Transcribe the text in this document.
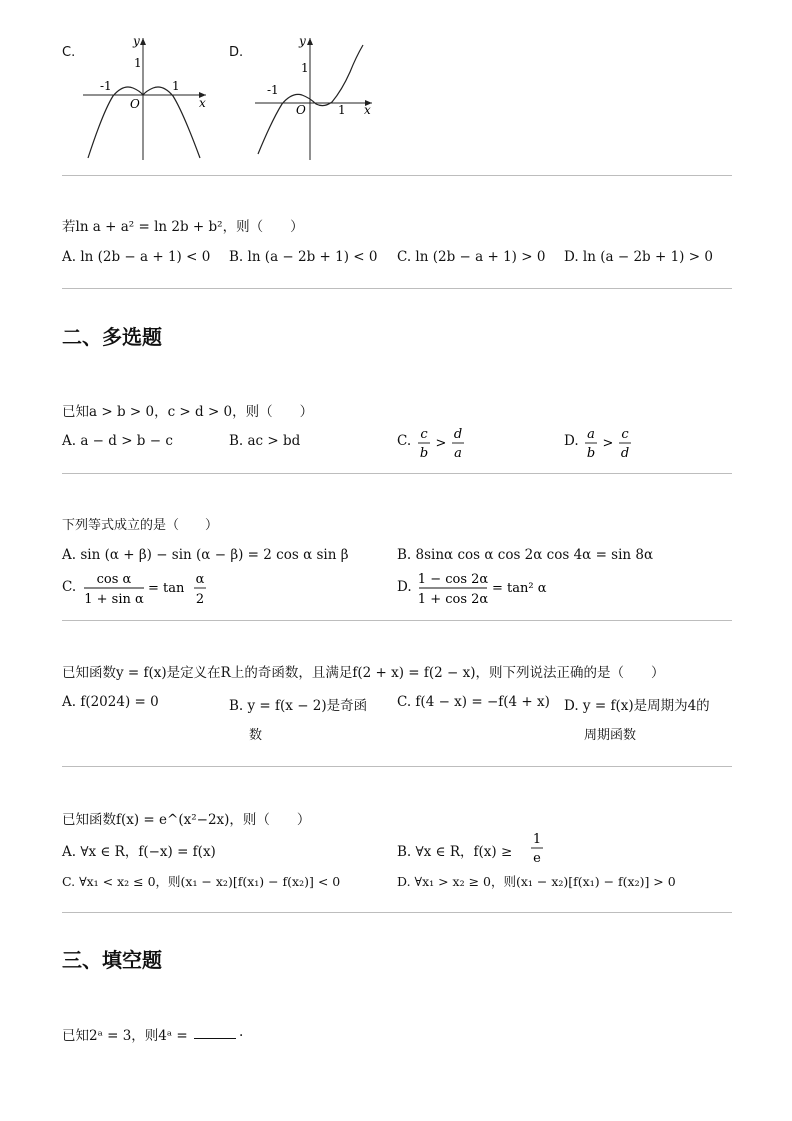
C.	D.
y
x
O
1
-1	1
y
x
O
1
-1
1
若ln a + a² = ln 2b + b²，则（　　）
A. ln (2b − a + 1) < 0 B. ln (a − 2b + 1) < 0 C. ln (2b − a + 1) > 0 D. ln (a − 2b + 1) > 0
二、多选题
已知a > b > 0，c > d > 0，则（　　）
A. a − d > b − c	B. ac > bd	C. c
b
>
d
a
D. a
b
>
c
d
下列等式成立的是（　　）
A. sin (α + β) − sin (α − β) = 2 cos α sin β	B. 8sinα cos α cos 2α cos 4α = sin 8α
C. cos α
1 + sin α
= tan
α
2
D. 1 − cos 2α
1 + cos 2α
= tan² α
已知函数y = f(x)是定义在R上的奇函数，且满足f(2 + x) = f(2 − x)，则下列说法正确的是（　　）
A. f(2024) = 0	B. y = f(x − 2)是奇函
数
C. f(4 − x) = −f(4 + x) D. y = f(x)是周期为4的
周期函数
已知函数f(x) = e^(x²−2x)，则（　　）
A. ∀x ∈ R，f(−x) = f(x)	B. ∀x ∈ R，f(x) ≥
1
e
C. ∀x₁ < x₂ ≤ 0，则(x₁ − x₂)[f(x₁) − f(x₂)] < 0	D. ∀x₁ > x₂ ≥ 0，则(x₁ − x₂)[f(x₁) − f(x₂)] > 0
三、填空题
已知2ᵃ = 3，则4ᵃ =	.
